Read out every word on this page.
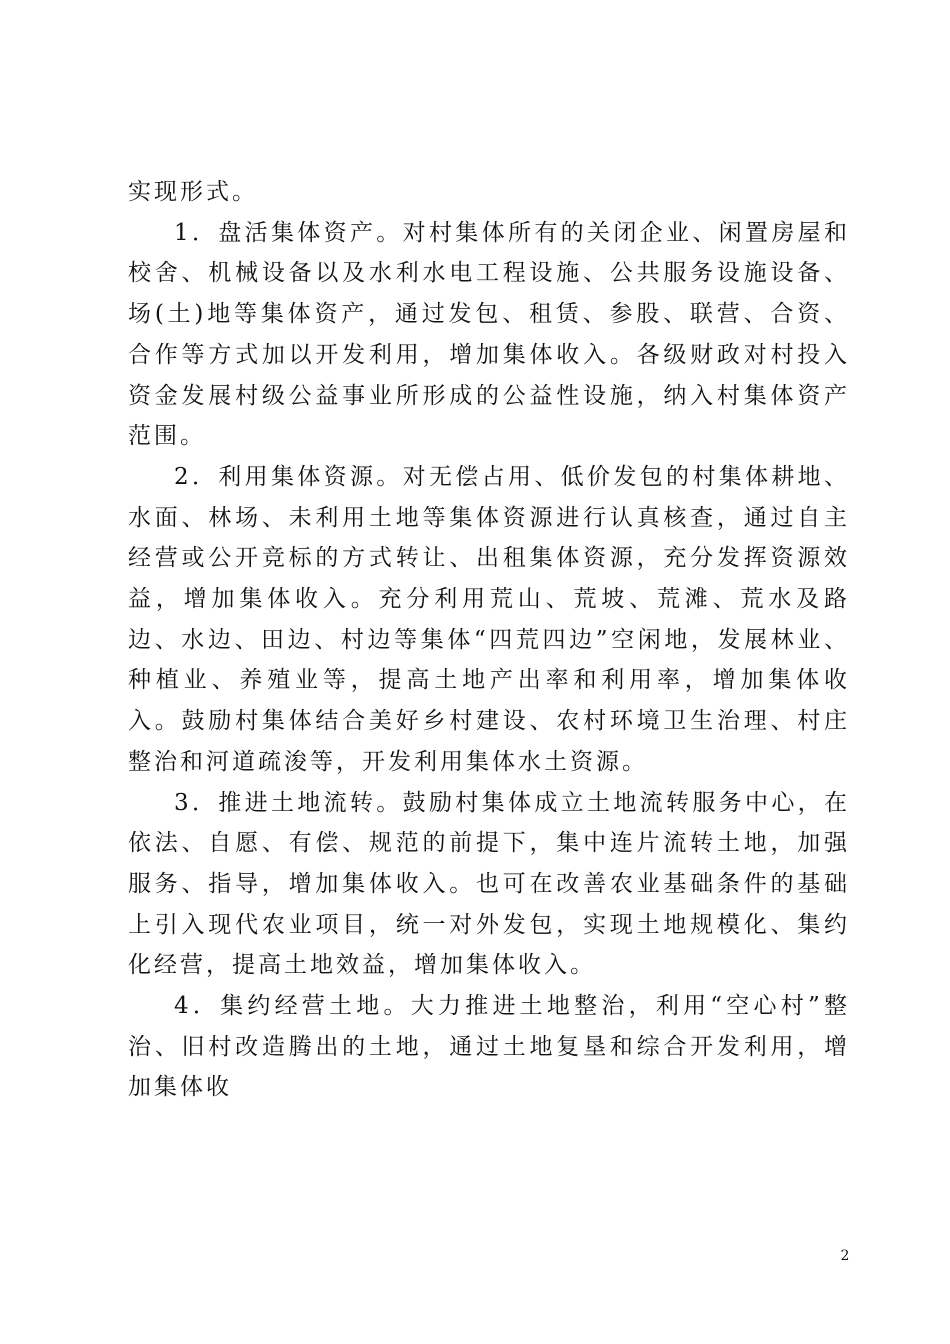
实现形式。

1．盘活集体资产。对村集体所有的关闭企业、闲置房屋和校舍、机械设备以及水利水电工程设施、公共服务设施设备、场(土)地等集体资产，通过发包、租赁、参股、联营、合资、合作等方式加以开发利用，增加集体收入。各级财政对村投入资金发展村级公益事业所形成的公益性设施，纳入村集体资产范围。

2．利用集体资源。对无偿占用、低价发包的村集体耕地、水面、林场、未利用土地等集体资源进行认真核查，通过自主经营或公开竞标的方式转让、出租集体资源，充分发挥资源效益，增加集体收入。充分利用荒山、荒坡、荒滩、荒水及路边、水边、田边、村边等集体“四荒四边”空闲地，发展林业、种植业、养殖业等，提高土地产出率和利用率，增加集体收入。鼓励村集体结合美好乡村建设、农村环境卫生治理、村庄整治和河道疏浚等，开发利用集体水土资源。

3．推进土地流转。鼓励村集体成立土地流转服务中心，在依法、自愿、有偿、规范的前提下，集中连片流转土地，加强服务、指导，增加集体收入。也可在改善农业基础条件的基础上引入现代农业项目，统一对外发包，实现土地规模化、集约化经营，提高土地效益，增加集体收入。

4．集约经营土地。大力推进土地整治，利用“空心村”整治、旧村改造腾出的土地，通过土地复垦和综合开发利用，增加集体收

2
